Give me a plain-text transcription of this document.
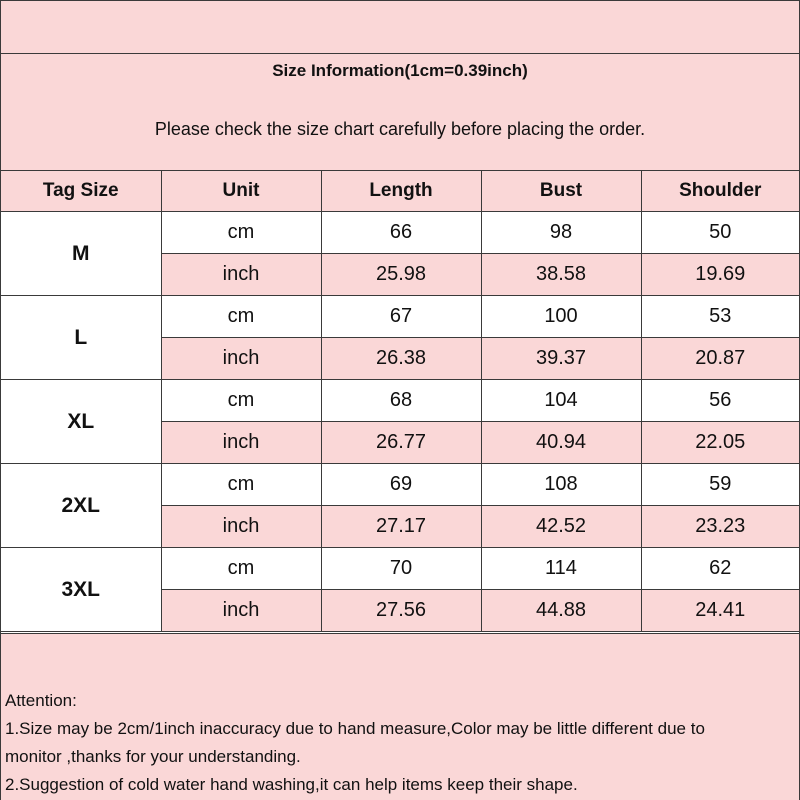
Size Information(1cm=0.39inch)
Please check the size chart carefully before placing the order.
Tag Size	Unit	Length	Bust	Shoulder
M	cm	66	98	50
	inch	25.98	38.58	19.69
L	cm	67	100	53
	inch	26.38	39.37	20.87
XL	cm	68	104	56
	inch	26.77	40.94	22.05
2XL	cm	69	108	59
	inch	27.17	42.52	23.23
3XL	cm	70	114	62
	inch	27.56	44.88	24.41
Attention:
1.Size may be 2cm/1inch inaccuracy due to hand measure,Color may be little different due to
monitor ,thanks for your understanding.
2.Suggestion of cold water hand washing,it can help items keep their shape.
